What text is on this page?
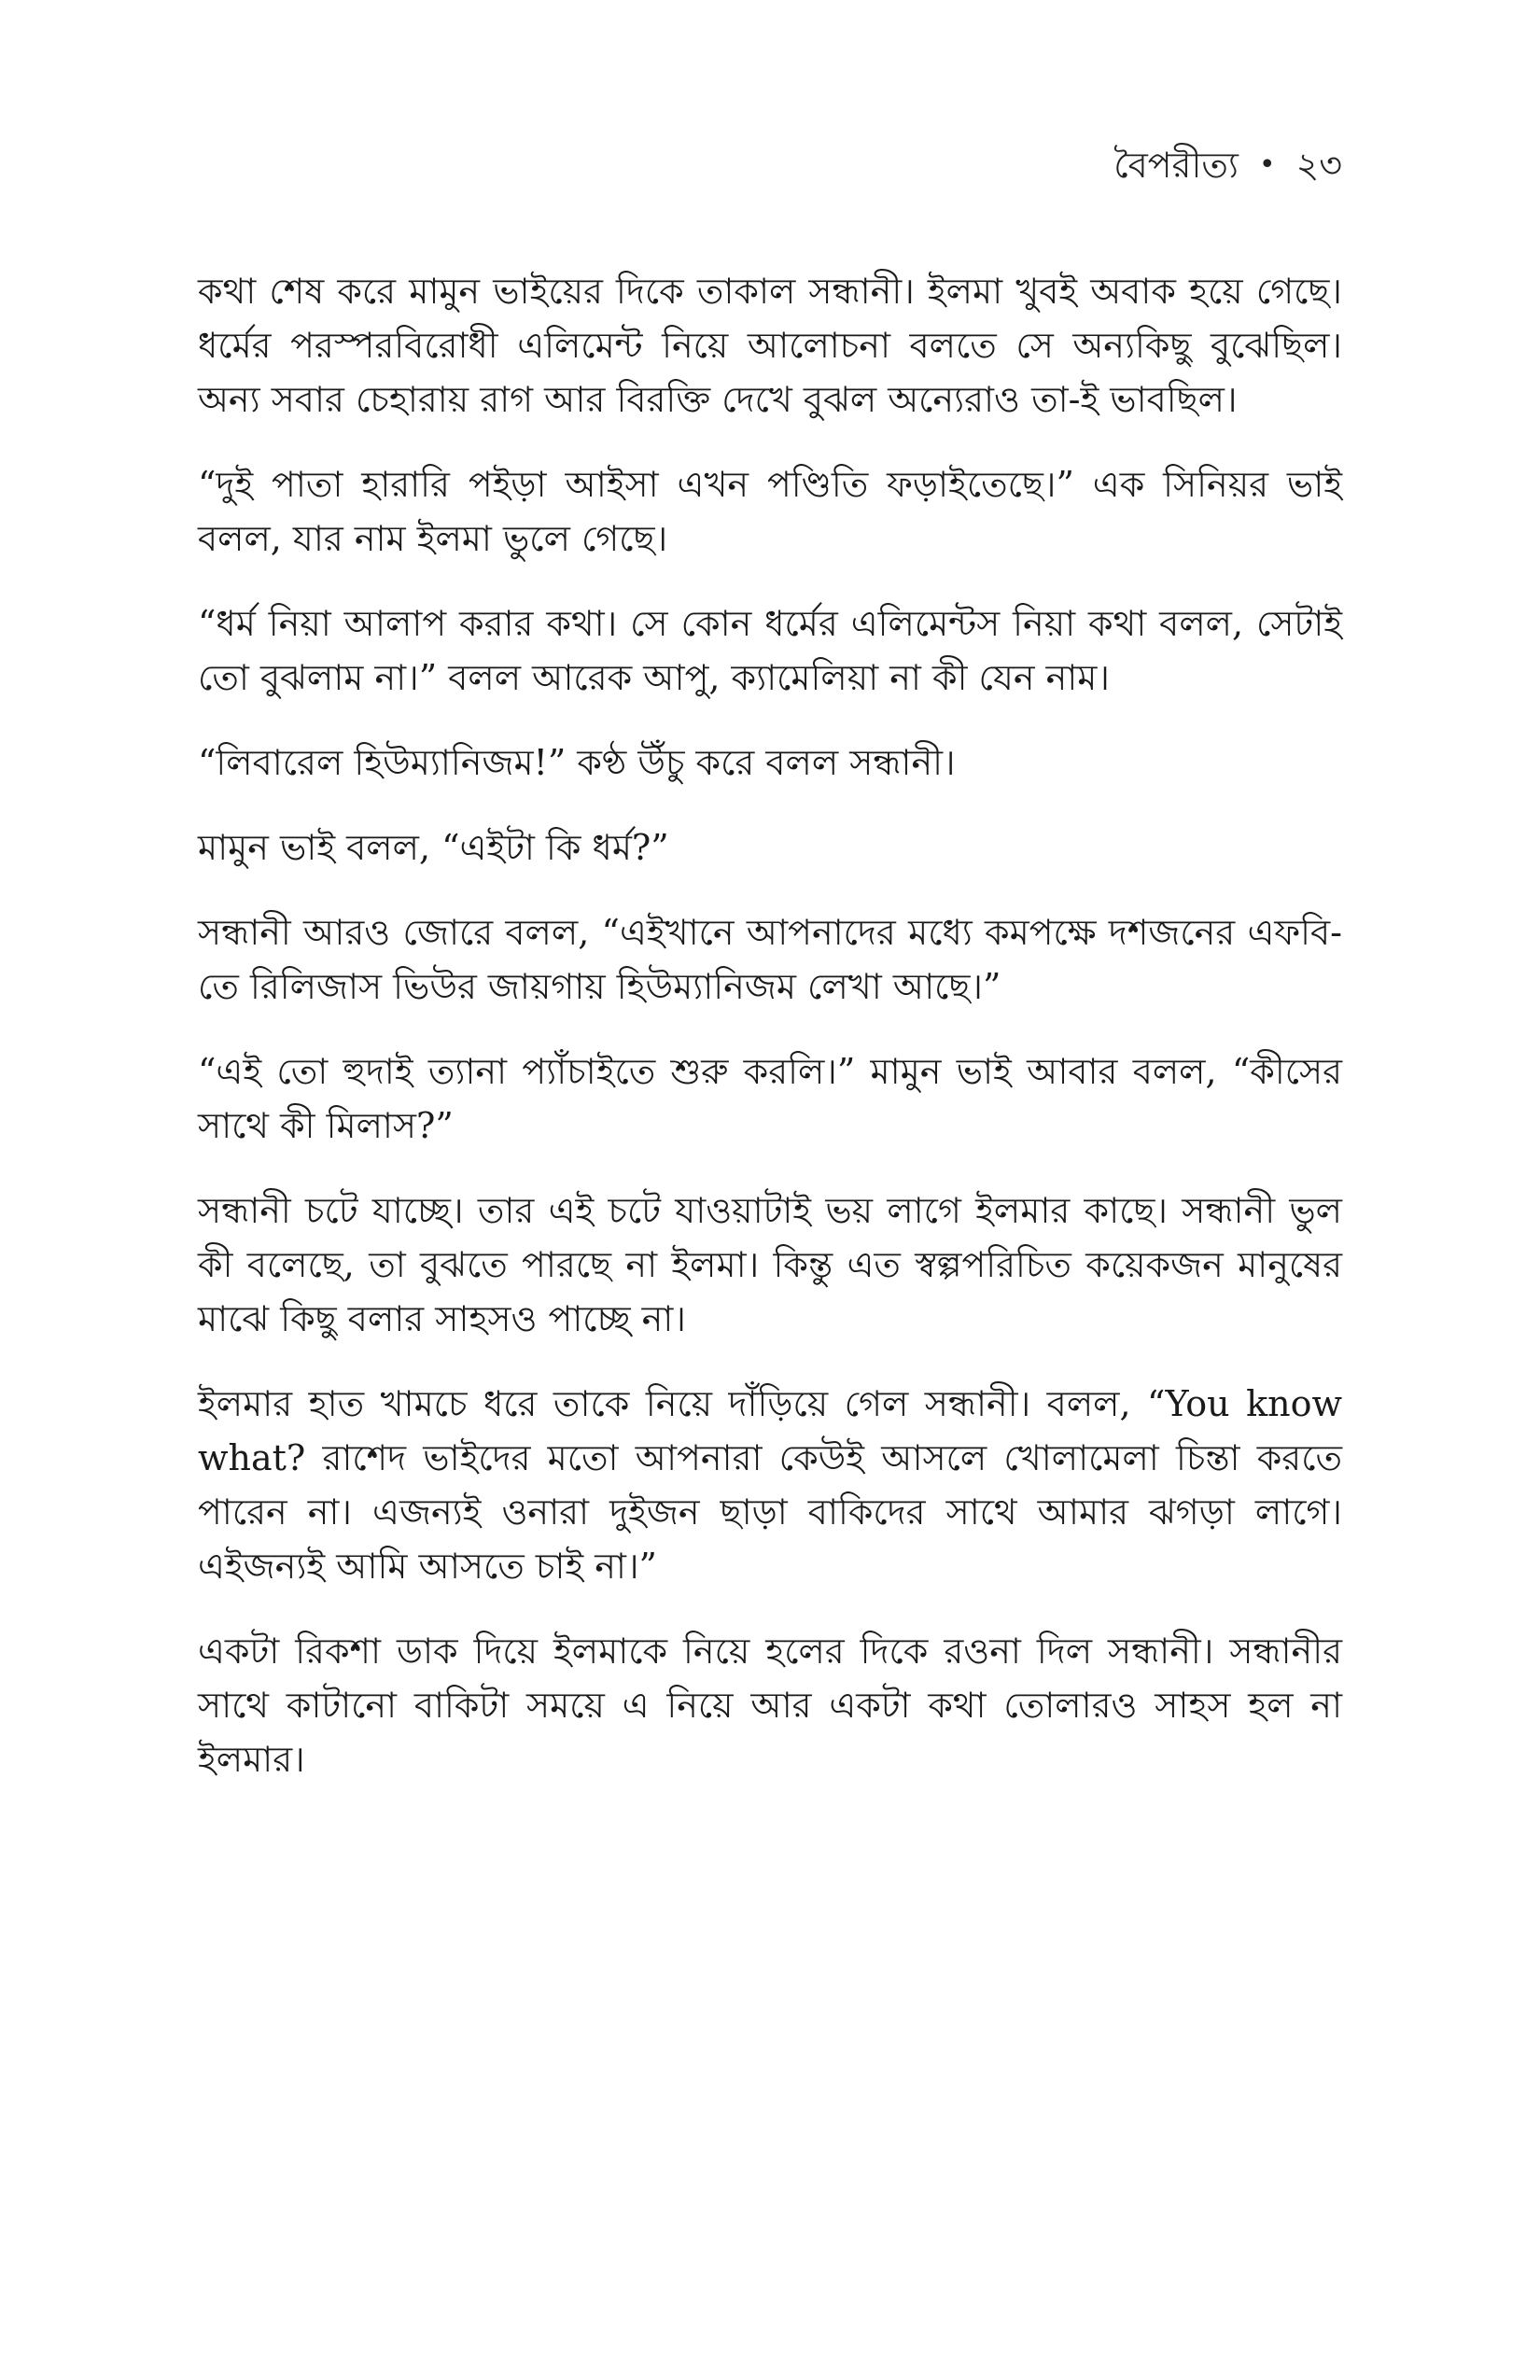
বৈপরীত্য • ২৩

কথা শেষ করে মামুন ভাইয়ের দিকে তাকাল সন্ধানী। ইলমা খুবই অবাক হয়ে গেছে। ধর্মের পরস্পরবিরোধী এলিমেন্ট নিয়ে আলোচনা বলতে সে অন্যকিছু বুঝেছিল। অন্য সবার চেহারায় রাগ আর বিরক্তি দেখে বুঝল অন্যেরাও তা-ই ভাবছিল।

“দুই পাতা হারারি পইড়া আইসা এখন পণ্ডিতি ফড়াইতেছে।” এক সিনিয়র ভাই বলল, যার নাম ইলমা ভুলে গেছে।

“ধর্ম নিয়া আলাপ করার কথা। সে কোন ধর্মের এলিমেন্টস নিয়া কথা বলল, সেটাই তো বুঝলাম না।” বলল আরেক আপু, ক্যামেলিয়া না কী যেন নাম।

“লিবারেল হিউম্যানিজম!” কণ্ঠ উঁচু করে বলল সন্ধানী।

মামুন ভাই বলল, “এইটা কি ধর্ম?”

সন্ধানী আরও জোরে বলল, “এইখানে আপনাদের মধ্যে কমপক্ষে দশজনের এফবি-তে রিলিজাস ভিউর জায়গায় হিউম্যানিজম লেখা আছে।”

“এই তো হুদাই ত্যানা প্যাঁচাইতে শুরু করলি।” মামুন ভাই আবার বলল, “কীসের সাথে কী মিলাস?”

সন্ধানী চটে যাচ্ছে। তার এই চটে যাওয়াটাই ভয় লাগে ইলমার কাছে। সন্ধানী ভুল কী বলেছে, তা বুঝতে পারছে না ইলমা। কিন্তু এত স্বল্পপরিচিত কয়েকজন মানুষের মাঝে কিছু বলার সাহসও পাচ্ছে না।

ইলমার হাত খামচে ধরে তাকে নিয়ে দাঁড়িয়ে গেল সন্ধানী। বলল, “You know what? রাশেদ ভাইদের মতো আপনারা কেউই আসলে খোলামেলা চিন্তা করতে পারেন না। এজন্যই ওনারা দুইজন ছাড়া বাকিদের সাথে আমার ঝগড়া লাগে। এইজন্যই আমি আসতে চাই না।”

একটা রিকশা ডাক দিয়ে ইলমাকে নিয়ে হলের দিকে রওনা দিল সন্ধানী। সন্ধানীর সাথে কাটানো বাকিটা সময়ে এ নিয়ে আর একটা কথা তোলারও সাহস হল না ইলমার।
